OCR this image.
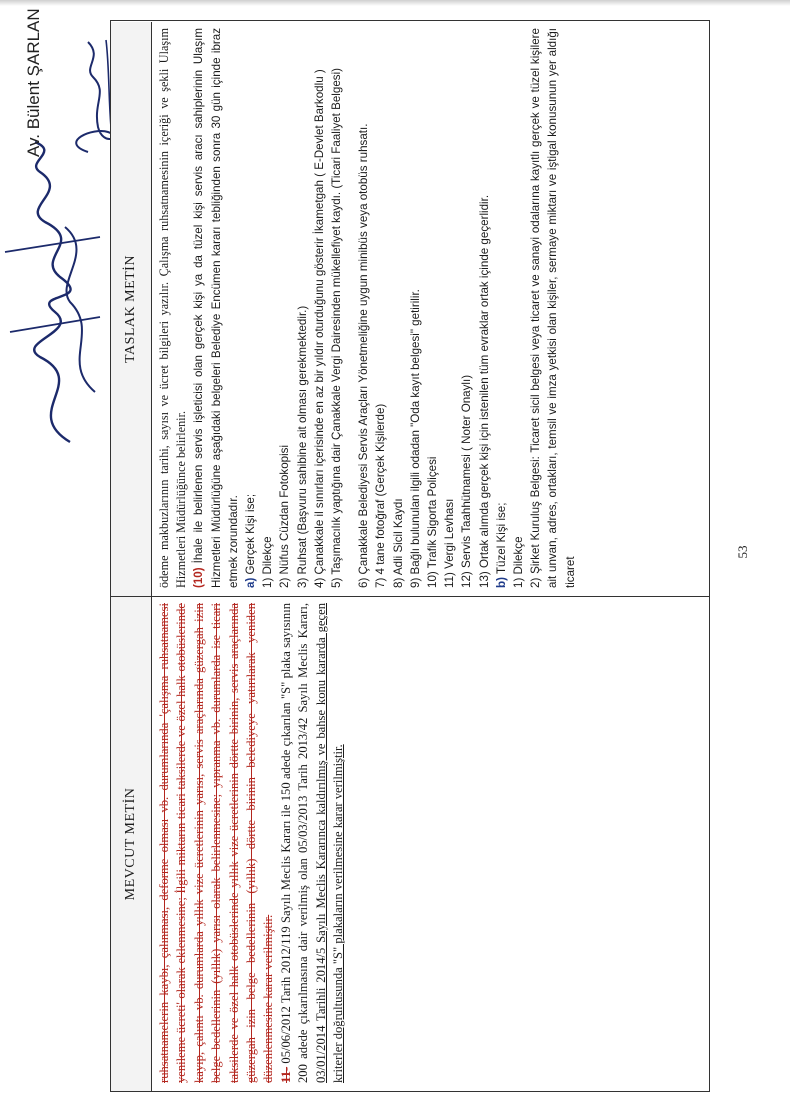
Av. Bülent ŞARLAN
MEVCUT METİN	ruhsatnamelerin kaybı, çalınması, deforme olması vb. durumlarında 'çalışma ruhsatnamesi yenileme ücreti' olarak eklenmesine; İlgili miktarın ticari taksilerde ve özel halk otobüslerinde kayıp, çalıntı vb. durumlarda yıllık vize ücretlerinin yarısı, servis araçlarında güzergah izin belge bedellerinin (yıllık) yarısı olarak belirlenmesine; yıpranma vb. durumlarda ise ticari taksilerde ve özel halk otobüslerinde yıllık vize ücretlerinin dörtte birinin, servis araçlarında güzergah izin belge bedellerinin (yıllık) dörtte birinin belediyeye yatırılarak yeniden düzenlenmesine karar verilmiştir. 11- 05/06/2012 Tarih 2012/119 Sayılı Meclis Kararı ile 150 adede çıkarılan "S" plaka sayısının 200 adede çıkarılmasına dair verilmiş olan 05/03/2013 Tarih 2013/42 Sayılı Meclis Kararı, 03/01/2014 Tarihli 2014/5 Sayılı Meclis Kararınca kaldırılmış ve bahse konu kararda geçen kriterler doğrultusunda "S" plakaların verilmesine karar verilmiştir.

TASLAK METİN	ödeme makbuzlarının tarihi, sayısı ve ücret bilgileri yazılır. Çalışma ruhsatnamesinin içeriği ve şekli Ulaşım Hizmetleri Müdürlüğünce belirlenir. (10)İhale ile belirlenen servis işleticisi olan gerçek kişi ya da tüzel kişi servis aracı sahiplerinin Ulaşım Hizmetleri Müdürlüğüne aşağıdaki belgeleri Belediye Encümen kararı tebliğinden sonra 30 gün içinde ibraz etmek zorundadır. a) Gerçek Kişi ise; 1) Dilekçe 2) Nüfus Cüzdan Fotokopisi 3) Ruhsat (Başvuru sahibine ait olması gerekmektedir.) 4) Çanakkale il sınırları içerisinde en az bir yıldır oturduğunu gösterir İkametgah ( E-Devlet Barkodlu ) 5) Taşımacılık yaptığına dair Çanakkale Vergi Dairesinden mükellefiyet kaydı. (Ticari Faaliyet Belgesi) 6) Çanakkale Belediyesi Servis Araçları Yönetmeliğine uygun minibüs veya otobüs ruhsatı. 7) 4 tane fotoğraf (Gerçek Kişilerde) 8) Adli Sicil Kaydı 9) Bağlı bulunulan ilgili odadan "Oda kayıt belgesi" getirilir. 10) Trafik Sigorta Poliçesi 11) Vergi Levhası 12) Servis Taahhütnamesi ( Noter Onaylı) 13) Ortak alımda gerçek kişi için istenilen tüm evraklar ortak içinde geçerlidir. b) Tüzel Kişi ise; 1) Dilekçe 2) Şirket Kuruluş Belgesi: Ticaret sicil belgesi veya ticaret ve sanayi odalarına kayıtlı gerçek ve tüzel kişilere ait unvan, adres, ortakları, temsil ve imza yetkisi olan kişiler, sermaye miktarı ve iştigal konusunun yer aldığı ticaret

53
